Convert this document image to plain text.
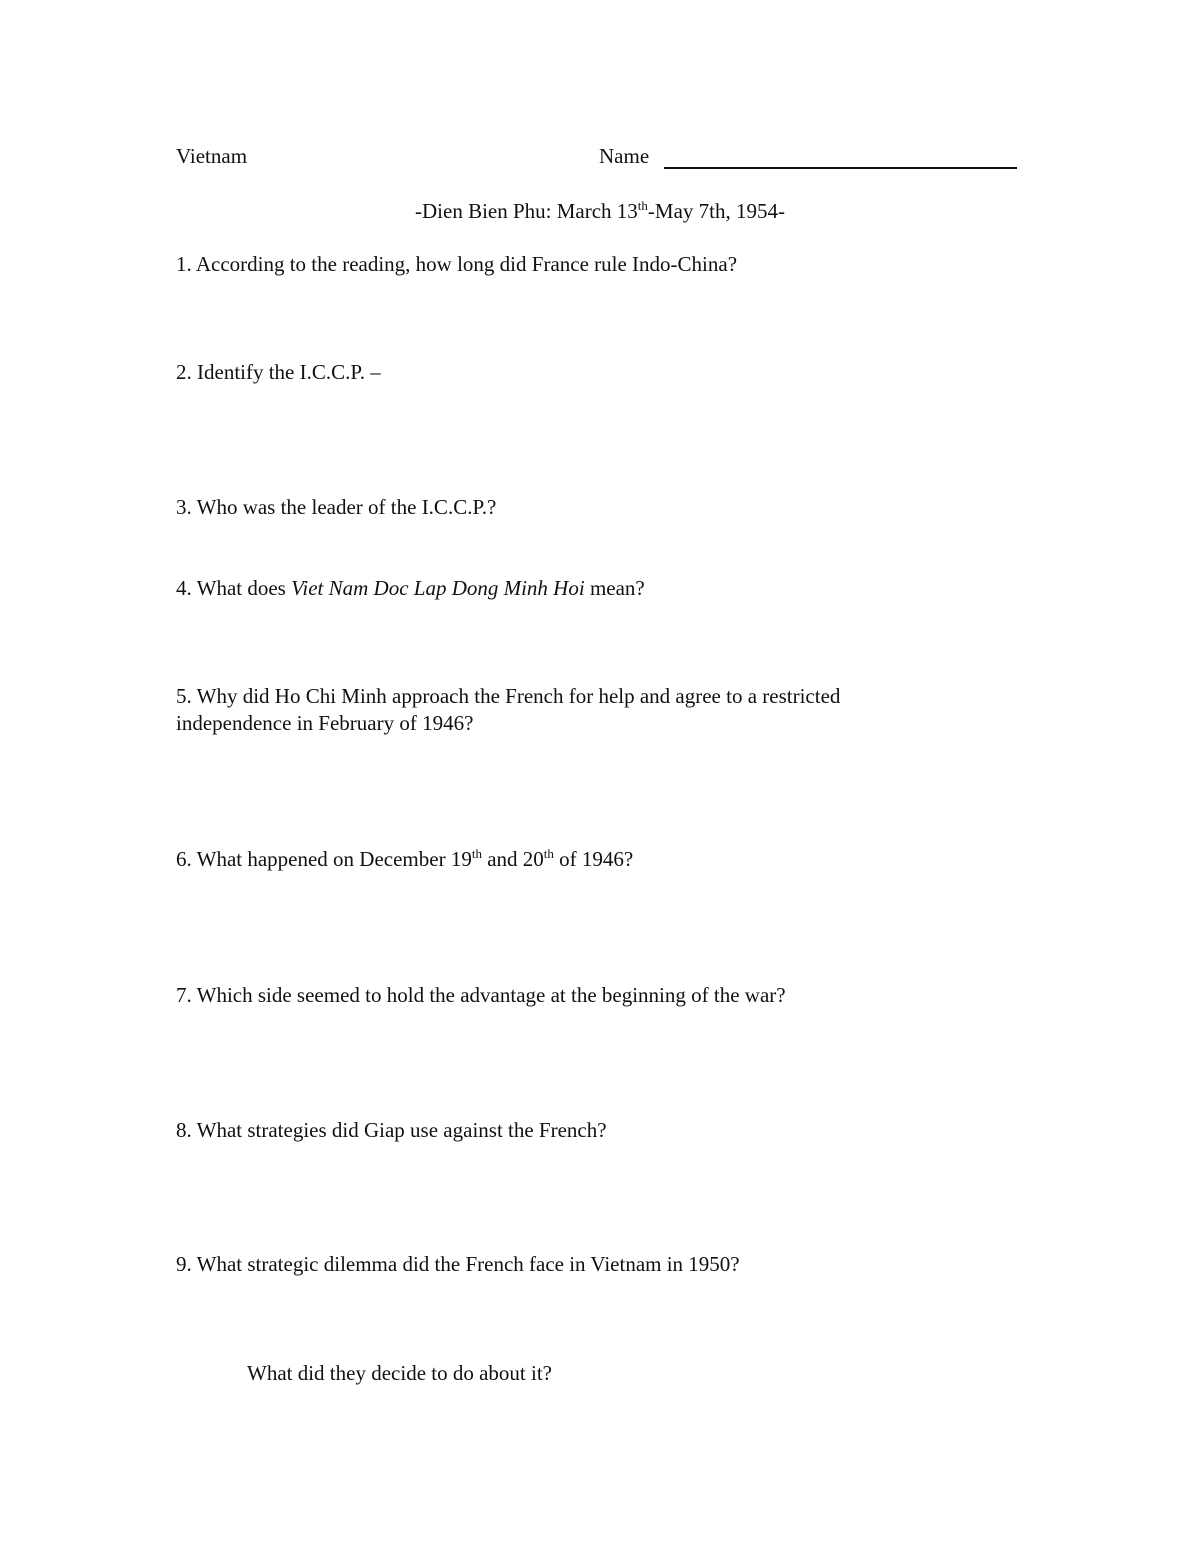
Vietnam	Name
-Dien Bien Phu: March 13th-May 7th, 1954-
1. According to the reading, how long did France rule Indo-China?
2. Identify the I.C.C.P. –
3. Who was the leader of the I.C.C.P.?
4. What does Viet Nam Doc Lap Dong Minh Hoi mean?
5. Why did Ho Chi Minh approach the French for help and agree to a restricted
independence in February of 1946?
6. What happened on December 19th and 20th of 1946?
7. Which side seemed to hold the advantage at the beginning of the war?
8. What strategies did Giap use against the French?
9. What strategic dilemma did the French face in Vietnam in 1950?
What did they decide to do about it?
